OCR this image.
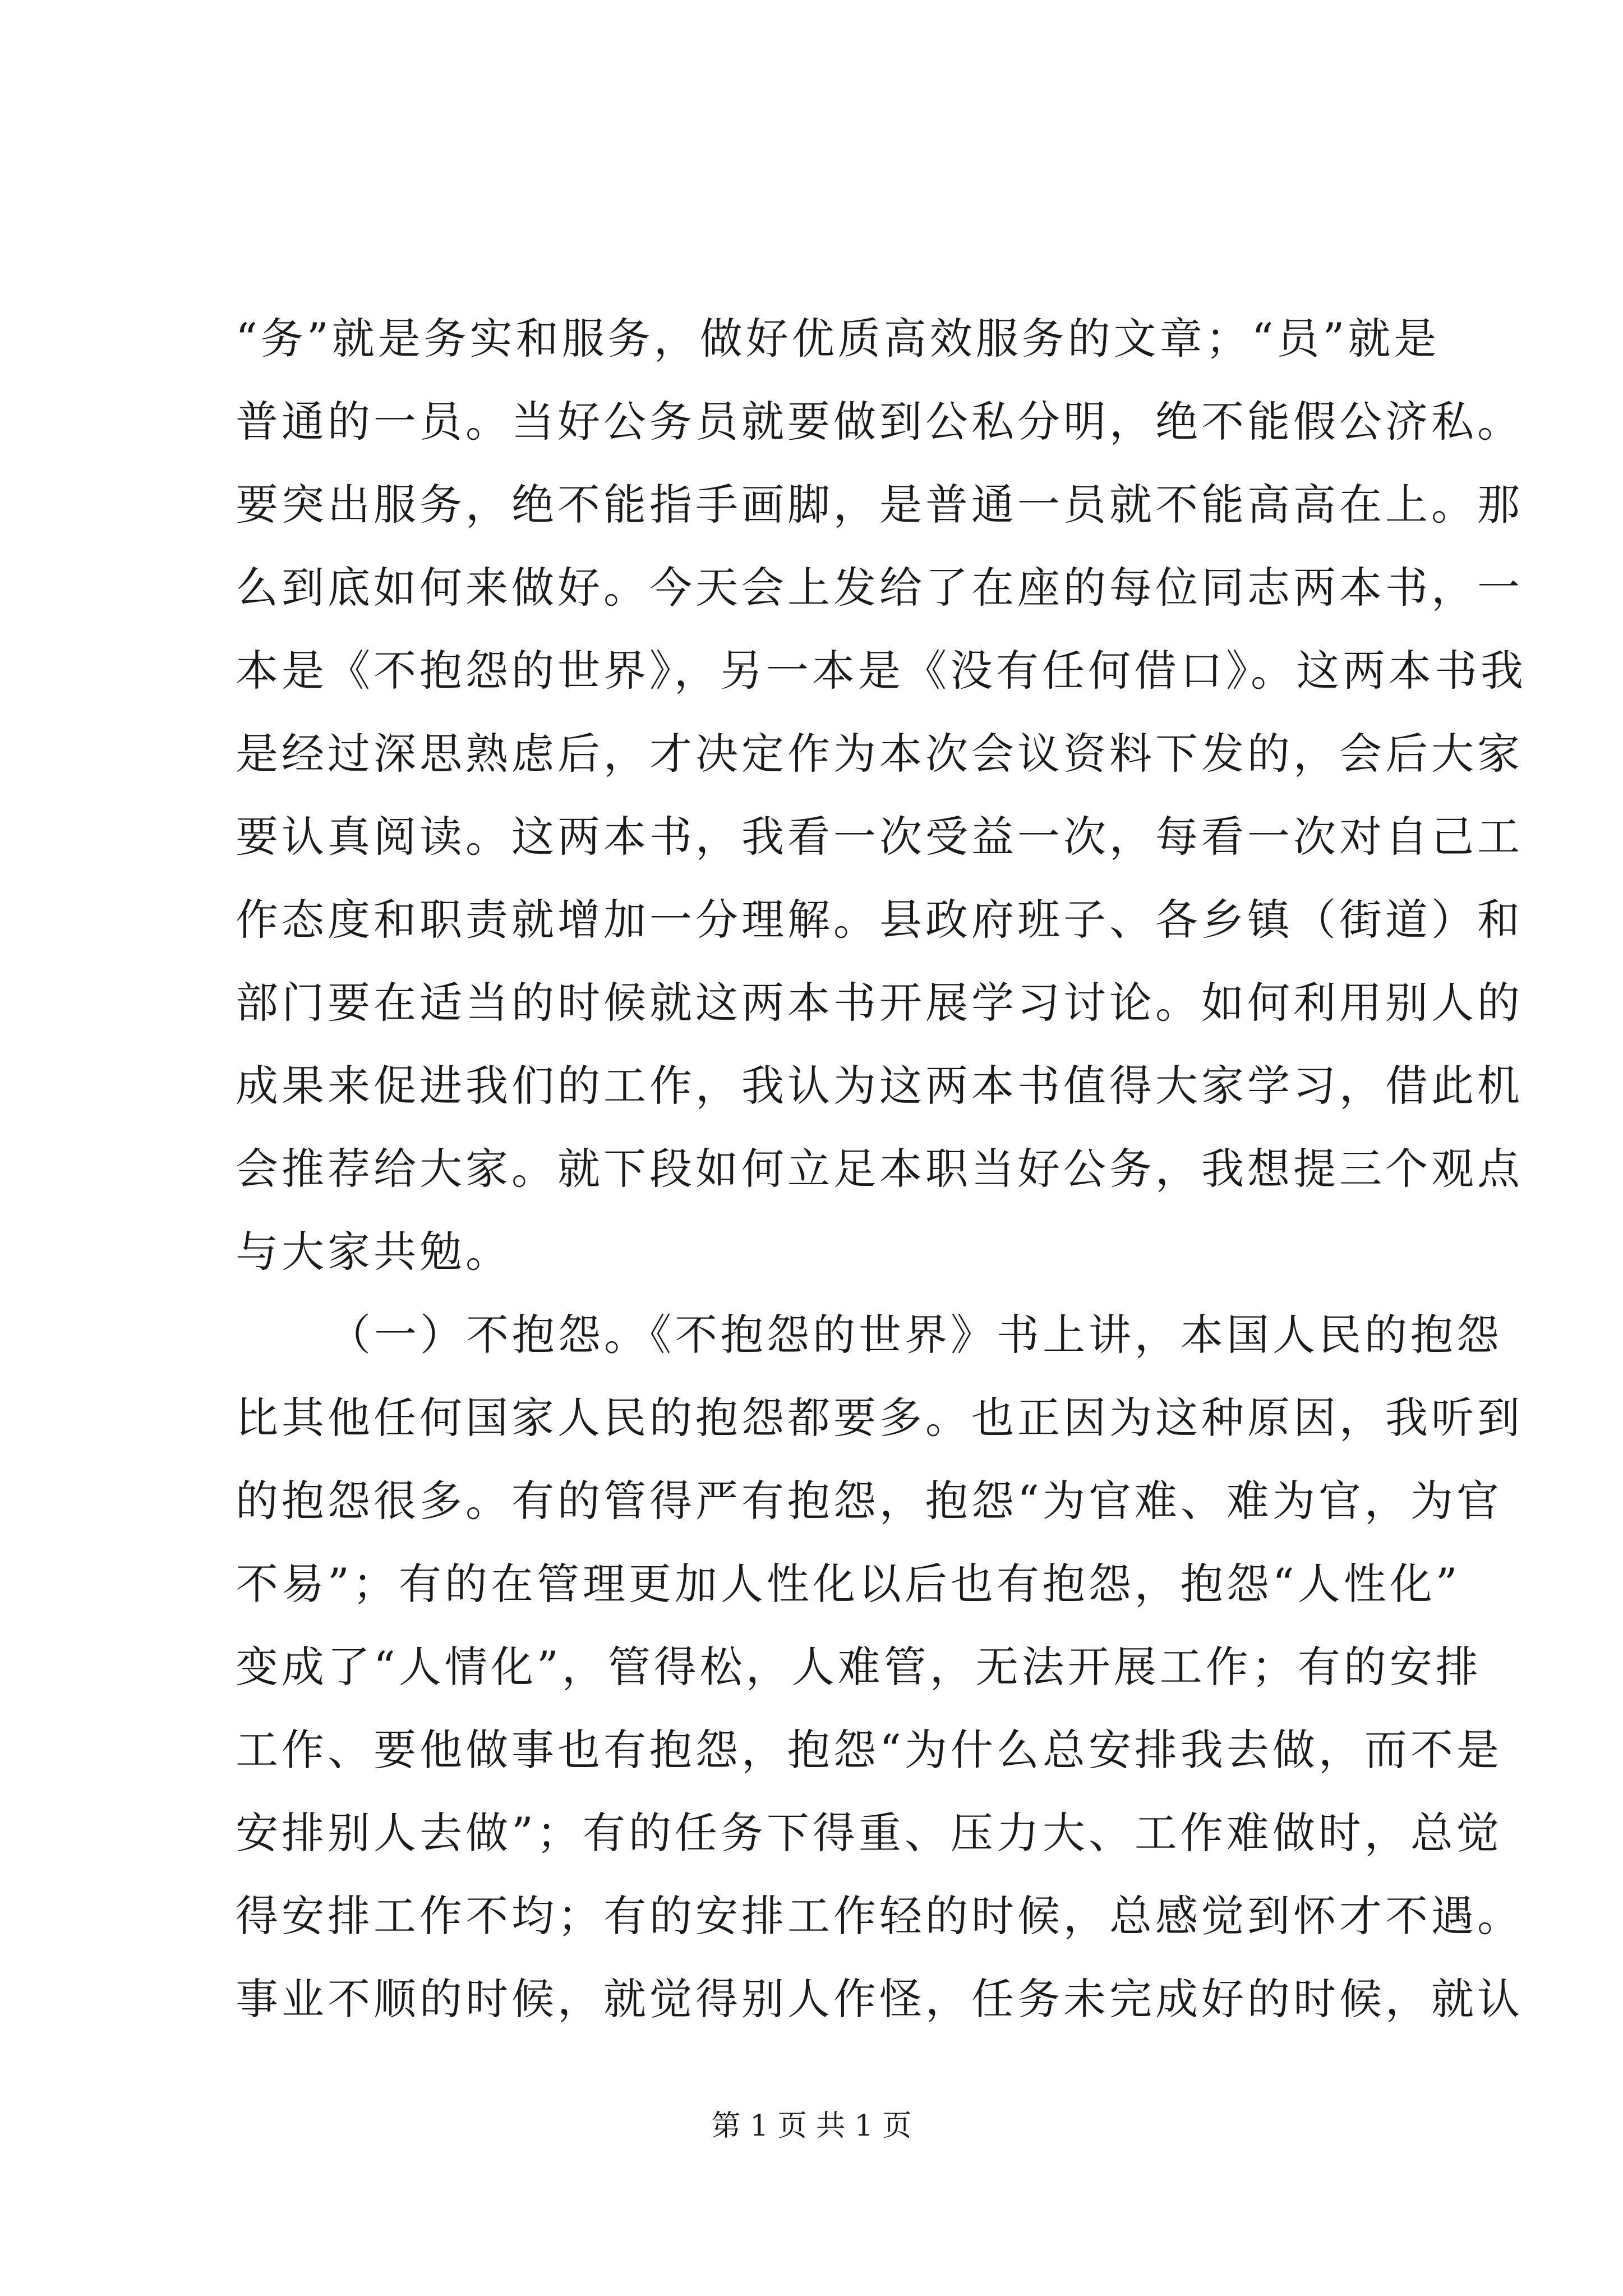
“务”就是务实和服务，做好优质高效服务的文章；“员”就是
普通的一员。当好公务员就要做到公私分明，绝不能假公济私。
要突出服务，绝不能指手画脚，是普通一员就不能高高在上。那
么到底如何来做好。今天会上发给了在座的每位同志两本书，一
本是《不抱怨的世界》，另一本是《没有任何借口》。这两本书我
是经过深思熟虑后，才决定作为本次会议资料下发的，会后大家
要认真阅读。这两本书，我看一次受益一次，每看一次对自己工
作态度和职责就增加一分理解。县政府班子、各乡镇（街道）和
部门要在适当的时候就这两本书开展学习讨论。如何利用别人的
成果来促进我们的工作，我认为这两本书值得大家学习，借此机
会推荐给大家。就下段如何立足本职当好公务，我想提三个观点
与大家共勉。
（一）不抱怨。《不抱怨的世界》书上讲，本国人民的抱怨
比其他任何国家人民的抱怨都要多。也正因为这种原因，我听到
的抱怨很多。有的管得严有抱怨，抱怨“为官难、难为官，为官
不易”；有的在管理更加人性化以后也有抱怨，抱怨“人性化”
变成了“人情化”，管得松，人难管，无法开展工作；有的安排
工作、要他做事也有抱怨，抱怨“为什么总安排我去做，而不是
安排别人去做”；有的任务下得重、压力大、工作难做时，总觉
得安排工作不均；有的安排工作轻的时候，总感觉到怀才不遇。
事业不顺的时候，就觉得别人作怪，任务未完成好的时候，就认
第 1 页 共 1 页
